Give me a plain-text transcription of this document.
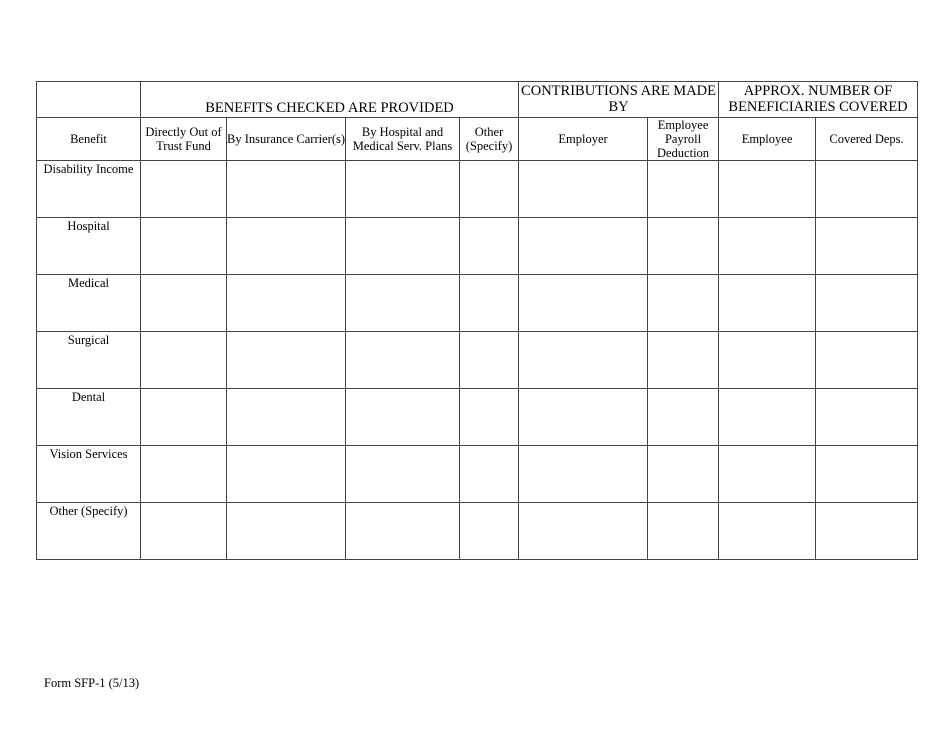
	BENEFITS CHECKED ARE PROVIDED				CONTRIBUTIONS ARE MADE BY		APPROX. NUMBER OF BENEFICIARIES COVERED	
Benefit	Directly Out of Trust Fund	By Insurance Carrier(s)	By Hospital and Medical Serv. Plans	Other (Specify)	Employer	Employee Payroll Deduction	Employee	Covered Deps.
Disability Income								
Hospital								
Medical								
Surgical								
Dental								
Vision Services								
Other (Specify)								
Form SFP-1 (5/13)
